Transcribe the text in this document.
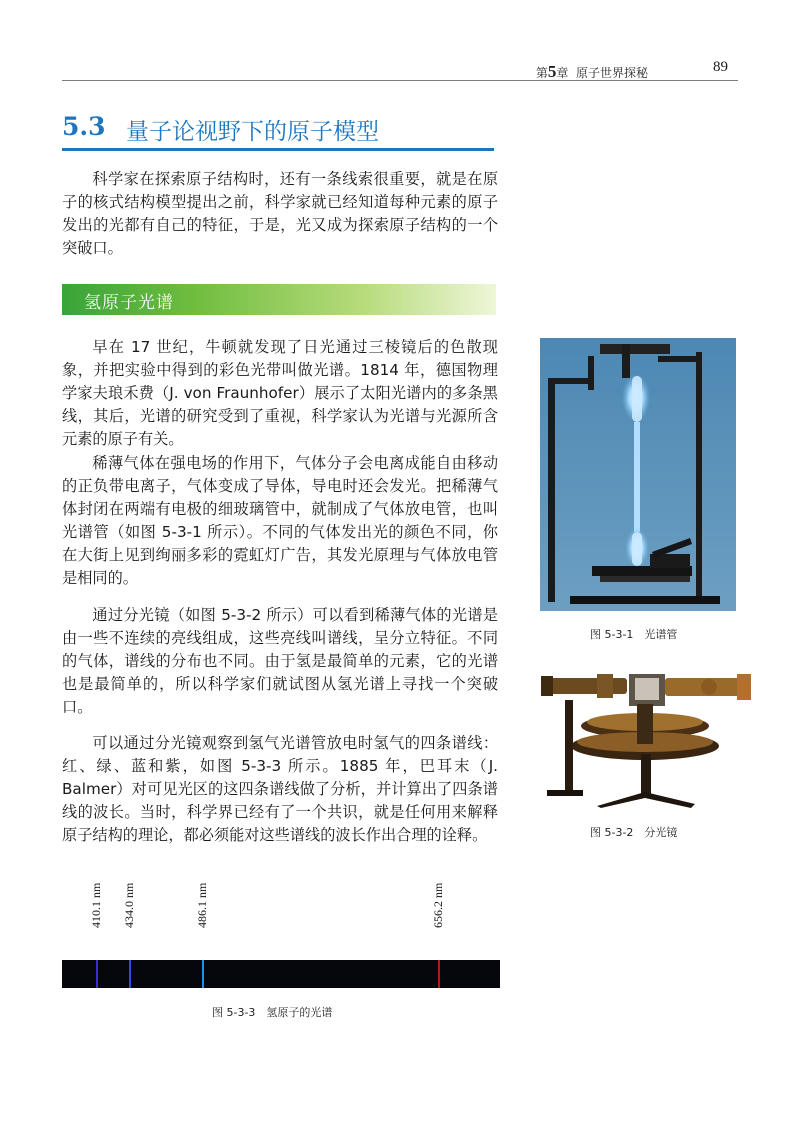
第5章 原子世界探秘	89
5.3 量子论视野下的原子模型

科学家在探索原子结构时，还有一条线索很重要，就是在原子的核式结构模型提出之前，科学家就已经知道每种元素的原子发出的光都有自己的特征，于是，光又成为探索原子结构的一个突破口。

氢原子光谱

早在 17 世纪，牛顿就发现了日光通过三棱镜后的色散现象，并把实验中得到的彩色光带叫做光谱。1814 年，德国物理学家夫琅禾费（J. von Fraunhofer）展示了太阳光谱内的多条黑线，其后，光谱的研究受到了重视，科学家认为光谱与光源所含元素的原子有关。

稀薄气体在强电场的作用下，气体分子会电离成能自由移动的正负带电离子，气体变成了导体，导电时还会发光。把稀薄气体封闭在两端有电极的细玻璃管中，就制成了气体放电管，也叫光谱管（如图 5-3-1 所示）。不同的气体发出光的颜色不同，你在大街上见到绚丽多彩的霓虹灯广告，其发光原理与气体放电管是相同的。

通过分光镜（如图 5-3-2 所示）可以看到稀薄气体的光谱是由一些不连续的亮线组成，这些亮线叫谱线，呈分立特征。不同的气体，谱线的分布也不同。由于氢是最简单的元素，它的光谱也是最简单的，所以科学家们就试图从氢光谱上寻找一个突破口。

可以通过分光镜观察到氢气光谱管放电时氢气的四条谱线：红、绿、蓝和紫，如图 5-3-3 所示。1885 年，巴耳末（J. Balmer）对可见光区的这四条谱线做了分析，并计算出了四条谱线的波长。当时，科学界已经有了一个共识，就是任何用来解释原子结构的理论，都必须能对这些谱线的波长作出合理的诠释。

图 5-3-1　光谱管
图 5-3-2　分光镜
410.1 nm 434.0 nm	486.1 nm	656.2 nm
图 5-3-3　氢原子的光谱
